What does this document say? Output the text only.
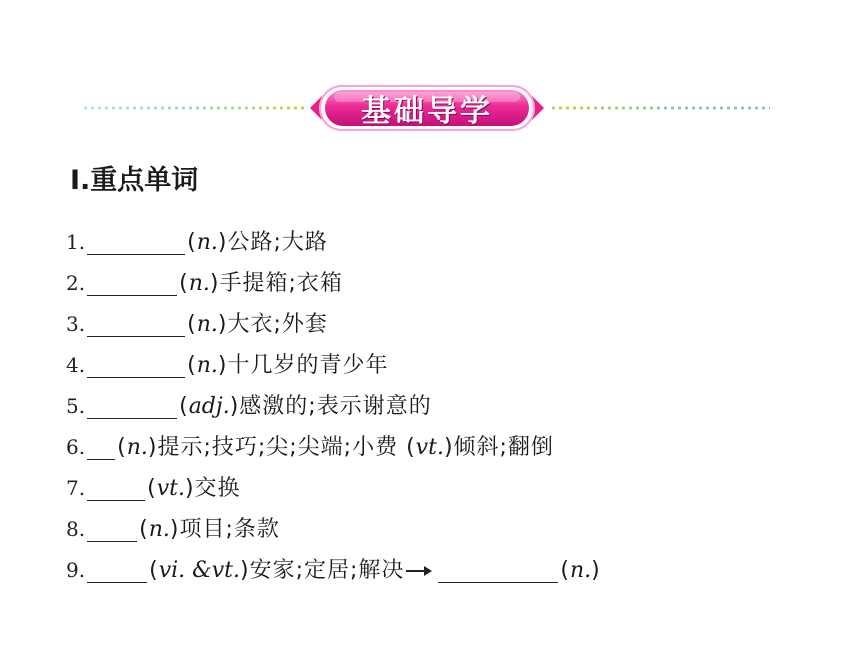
基础导学
Ⅰ.重点单词
1.	( n. )公路;大路
2.	( n. )手提箱;衣箱
3.	( n. )大衣;外套
4.	( n. )十几岁的青少年
5.	( adj. )感激的;表示谢意的
6. ( n. )提示;技巧;尖;尖端;小费 ( vt. )倾斜;翻倒
7.	( vt. )交换
8. ( n. )项目;条款
9.	( vi. &vt. )安家;定居;解决	( n. )
